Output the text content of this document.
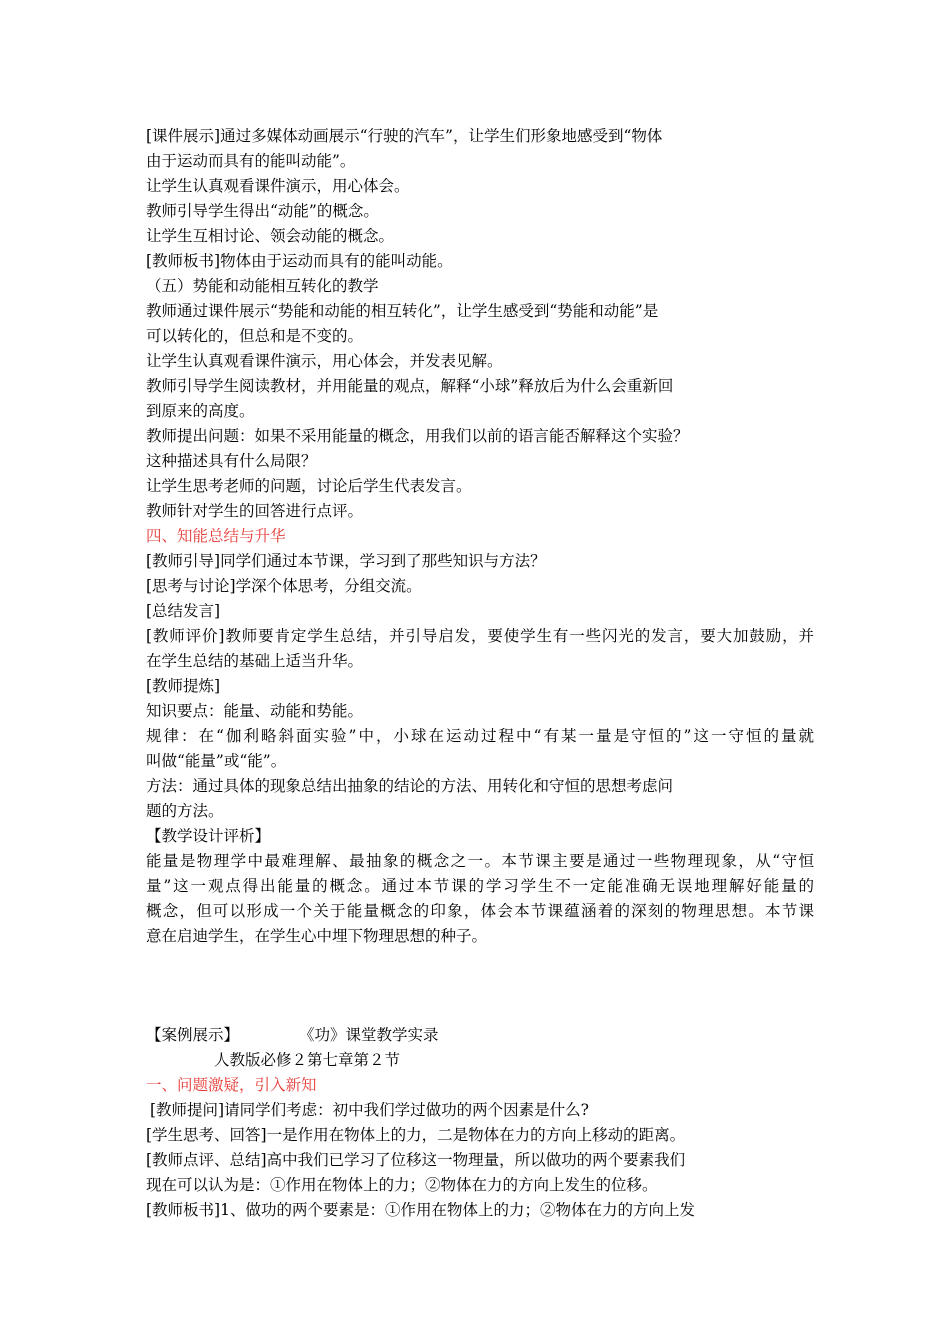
[课件展示]通过多媒体动画展示“行驶的汽车”，让学生们形象地感受到“物体
由于运动而具有的能叫动能”。
让学生认真观看课件演示，用心体会。
教师引导学生得出“动能”的概念。
让学生互相讨论、领会动能的概念。
[教师板书]物体由于运动而具有的能叫动能。
（五）势能和动能相互转化的教学
教师通过课件展示“势能和动能的相互转化”，让学生感受到“势能和动能”是
可以转化的，但总和是不变的。
让学生认真观看课件演示，用心体会，并发表见解。
教师引导学生阅读教材，并用能量的观点，解释“小球”释放后为什么会重新回
到原来的高度。
教师提出问题：如果不采用能量的概念，用我们以前的语言能否解释这个实验？
这种描述具有什么局限？
让学生思考老师的问题，讨论后学生代表发言。
教师针对学生的回答进行点评。
四、知能总结与升华
[教师引导]同学们通过本节课，学习到了那些知识与方法？
[思考与讨论]学深个体思考，分组交流。
[总结发言]
[教师评价]教师要肯定学生总结，并引导启发，要使学生有一些闪光的发言，要大加鼓励，并
在学生总结的基础上适当升华。
[教师提炼]
知识要点：能量、动能和势能。
规律：在“伽利略斜面实验”中，小球在运动过程中“有某一量是守恒的”这一守恒的量就
叫做“能量”或“能”。
方法：通过具体的现象总结出抽象的结论的方法、用转化和守恒的思想考虑问
题的方法。
【教学设计评析】
能量是物理学中最难理解、最抽象的概念之一。本节课主要是通过一些物理现象，从“守恒
量”这一观点得出能量的概念。通过本节课的学习学生不一定能准确无误地理解好能量的
概念，但可以形成一个关于能量概念的印象，体会本节课蕴涵着的深刻的物理思想。本节课
意在启迪学生，在学生心中埋下物理思想的种子。
【案例展示】	《功》课堂教学实录
人教版必修２第七章第２节
一、问题激疑，引入新知
[教师提问]请同学们考虑：初中我们学过做功的两个因素是什么?
[学生思考、回答]一是作用在物体上的力，二是物体在力的方向上移动的距离。
[教师点评、总结]高中我们已学习了位移这一物理量，所以做功的两个要素我们
现在可以认为是：①作用在物体上的力；②物体在力的方向上发生的位移。
[教师板书]1、做功的两个要素是：①作用在物体上的力；②物体在力的方向上发
